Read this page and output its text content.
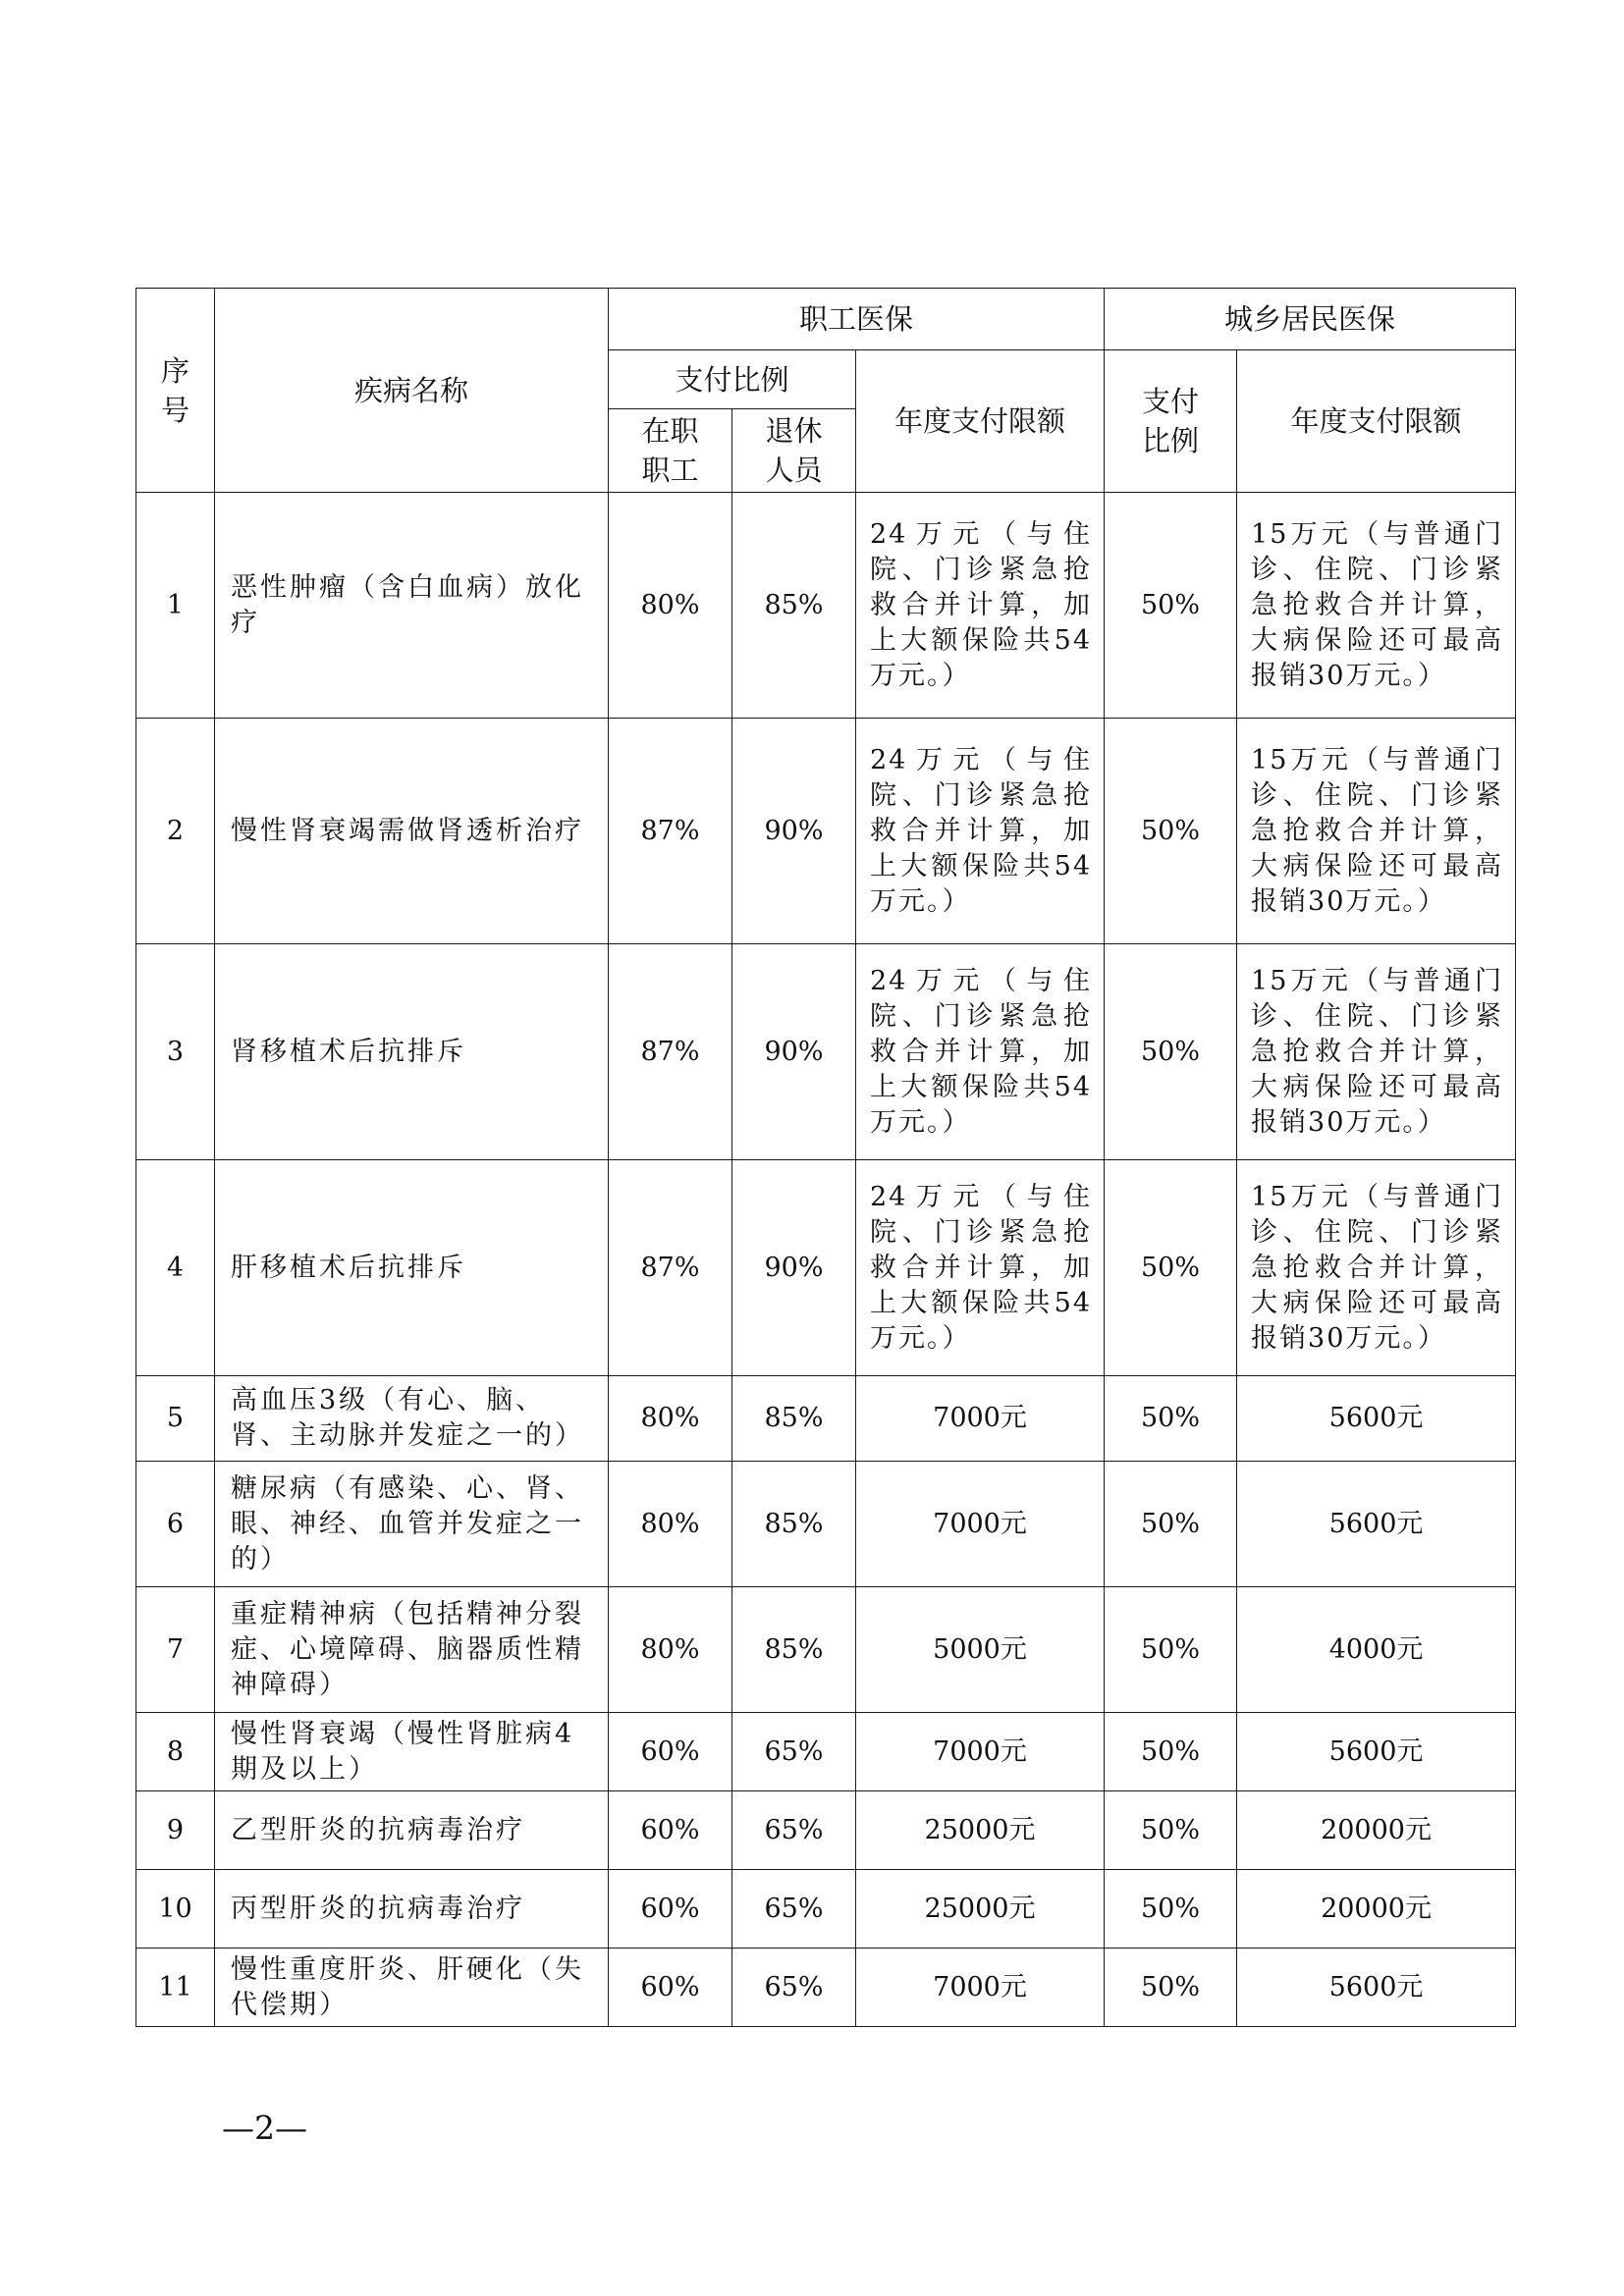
序号	疾病名称	职工医保			城乡居民医保	

		支付比例		年度支付限额	支付比例	年度支付限额

		在职职工	退休人员			

1	恶性肿瘤（含白血病）放化疗	80%	85%	24万元（与住院、门诊紧急抢救合并计算，加上大额保险共54万元。）	50%	15万元（与普通门诊、住院、门诊紧急抢救合并计算，大病保险还可最高报销30万元。）

2	慢性肾衰竭需做肾透析治疗	87%	90%	24万元（与住院、门诊紧急抢救合并计算，加上大额保险共54万元。）	50%	15万元（与普通门诊、住院、门诊紧急抢救合并计算，大病保险还可最高报销30万元。）

3	肾移植术后抗排斥	87%	90%	24万元（与住院、门诊紧急抢救合并计算，加上大额保险共54万元。）	50%	15万元（与普通门诊、住院、门诊紧急抢救合并计算，大病保险还可最高报销30万元。）

4	肝移植术后抗排斥	87%	90%	24万元（与住院、门诊紧急抢救合并计算，加上大额保险共54万元。）	50%	15万元（与普通门诊、住院、门诊紧急抢救合并计算，大病保险还可最高报销30万元。）

5	高血压3级（有心、脑、肾、主动脉并发症之一的）	80%	85%	7000元	50%	5600元

6	糖尿病（有感染、心、肾、眼、神经、血管并发症之一的）	80%	85%	7000元	50%	5600元

7	重症精神病（包括精神分裂症、心境障碍、脑器质性精神障碍）	80%	85%	5000元	50%	4000元

8	慢性肾衰竭（慢性肾脏病4期及以上）	60%	65%	7000元	50%	5600元

9	乙型肝炎的抗病毒治疗	60%	65%	25000元	50%	20000元

10	丙型肝炎的抗病毒治疗	60%	65%	25000元	50%	20000元

11	慢性重度肝炎、肝硬化（失代偿期）	60%	65%	7000元	50%	5600元
—2—
